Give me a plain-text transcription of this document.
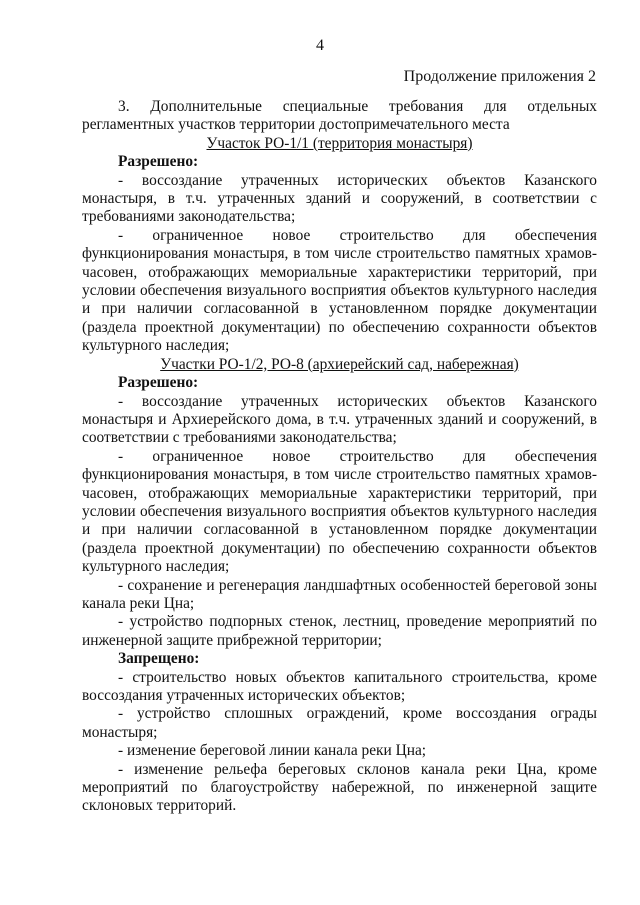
4
Продолжение приложения 2

3. Дополнительные специальные требования для отдельных регламентных участков территории достопримечательного места

Участок РО-1/1 (территория монастыря)

Разрешено:

- воссоздание утраченных исторических объектов Казанского монастыря, в т.ч. утраченных зданий и сооружений, в соответствии с требованиями законодательства;

- ограниченное новое строительство для обеспечения функционирования монастыря, в том числе строительство памятных храмов-часовен, отображающих мемориальные характеристики территорий, при условии обеспечения визуального восприятия объектов культурного наследия и при наличии согласованной в установленном порядке документации (раздела проектной документации) по обеспечению сохранности объектов культурного наследия;

Участки РО-1/2, РО-8 (архиерейский сад, набережная)

Разрешено:

- воссоздание утраченных исторических объектов Казанского монастыря и Архиерейского дома, в т.ч. утраченных зданий и сооружений, в соответствии с требованиями законодательства;

- ограниченное новое строительство для обеспечения функционирования монастыря, в том числе строительство памятных храмов-часовен, отображающих мемориальные характеристики территорий, при условии обеспечения визуального восприятия объектов культурного наследия и при наличии согласованной в установленном порядке документации (раздела проектной документации) по обеспечению сохранности объектов культурного наследия;

- сохранение и регенерация ландшафтных особенностей береговой зоны канала реки Цна;

- устройство подпорных стенок, лестниц, проведение мероприятий по инженерной защите прибрежной территории;

Запрещено:

- строительство новых объектов капитального строительства, кроме воссоздания утраченных исторических объектов;

- устройство сплошных ограждений, кроме воссоздания ограды монастыря;

- изменение береговой линии канала реки Цна;

- изменение рельефа береговых склонов канала реки Цна, кроме мероприятий по благоустройству набережной, по инженерной защите склоновых территорий.
